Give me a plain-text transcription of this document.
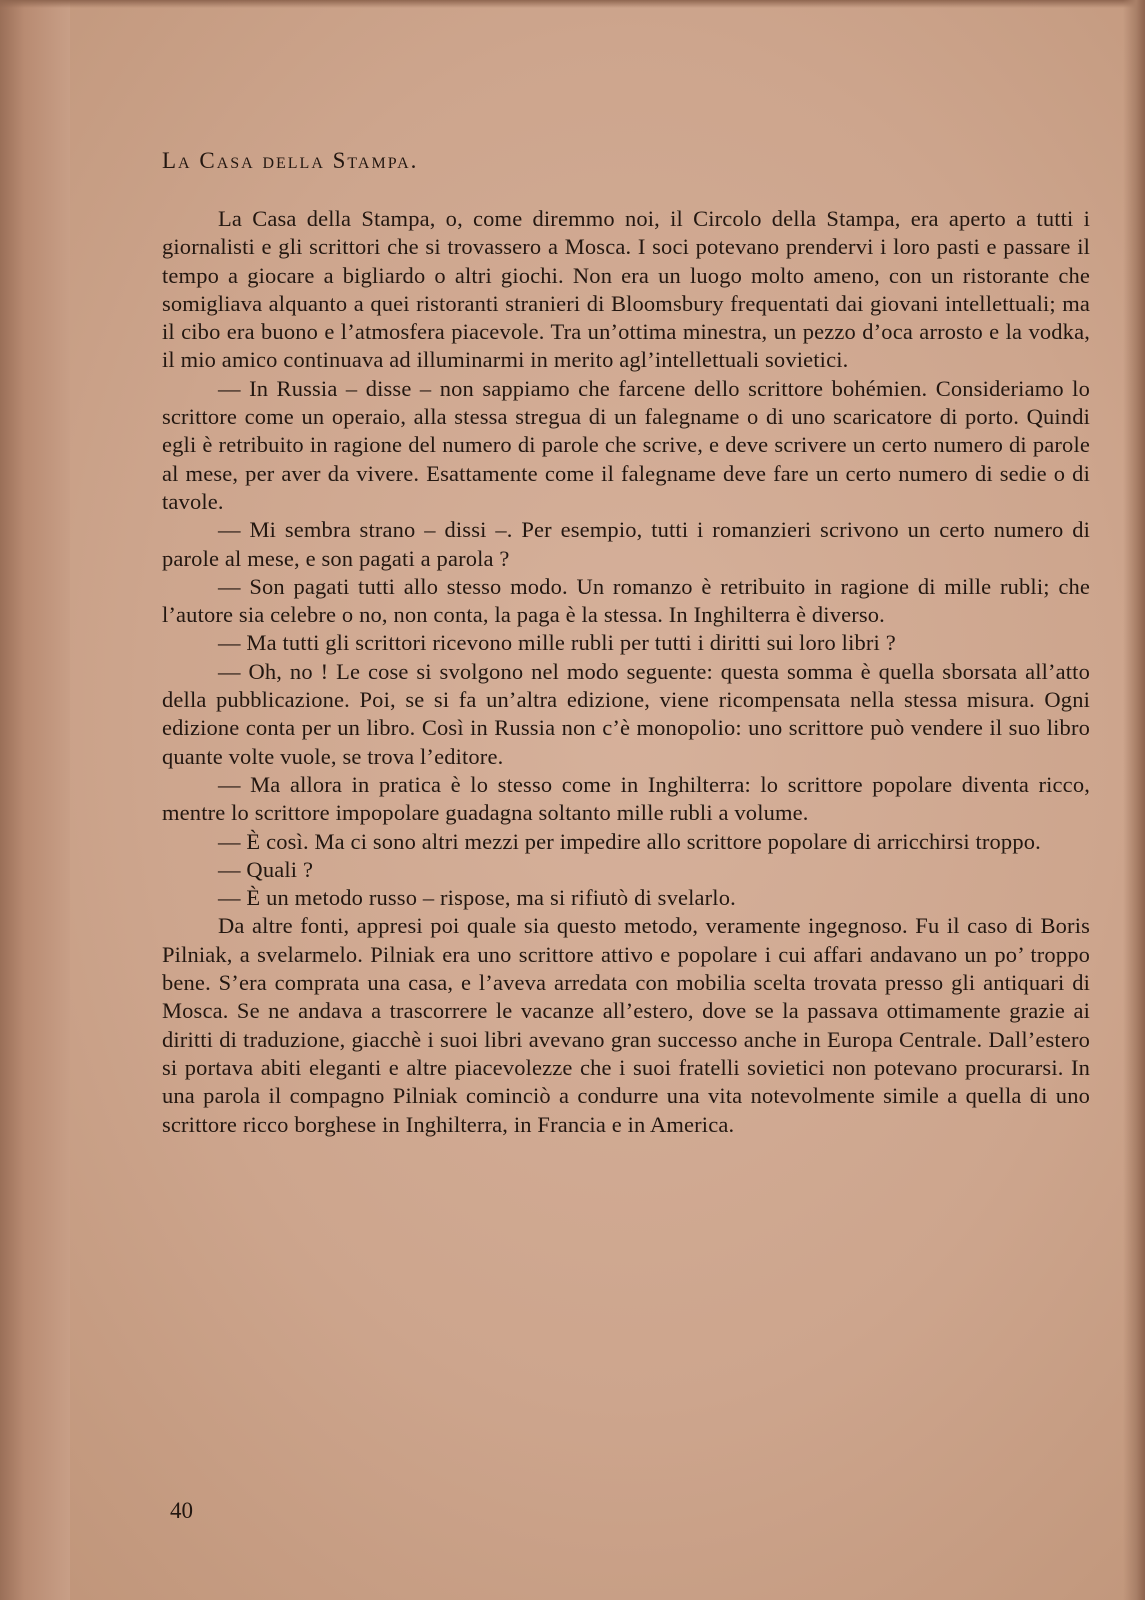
La Casa della Stampa.

La Casa della Stampa, o, come diremmo noi, il Circolo della Stampa, era aperto a tutti i giornalisti e gli scrittori che si trovassero a Mosca. I soci potevano prendervi i loro pasti e passare il tempo a giocare a bigliardo o altri giochi. Non era un luogo molto ameno, con un ristorante che somigliava alquanto a quei ristoranti stranieri di Bloomsbury frequentati dai giovani intellettuali; ma il cibo era buono e l’atmosfera piacevole. Tra un’ottima minestra, un pezzo d’oca arrosto e la vodka, il mio amico continuava ad illuminarmi in merito agl’intellettuali sovietici.

— In Russia – disse – non sappiamo che farcene dello scrittore bohémien. Consideriamo lo scrittore come un operaio, alla stessa stregua di un falegname o di uno scaricatore di porto. Quindi egli è retribuito in ragione del numero di parole che scrive, e deve scrivere un certo numero di parole al mese, per aver da vivere. Esattamente come il falegname deve fare un certo numero di sedie o di tavole.

— Mi sembra strano – dissi –. Per esempio, tutti i romanzieri scrivono un certo numero di parole al mese, e son pagati a parola ?

— Son pagati tutti allo stesso modo. Un romanzo è retribuito in ragione di mille rubli; che l’autore sia celebre o no, non conta, la paga è la stessa. In Inghilterra è diverso.

— Ma tutti gli scrittori ricevono mille rubli per tutti i diritti sui loro libri ?

— Oh, no ! Le cose si svolgono nel modo seguente: questa somma è quella sborsata all’atto della pubblicazione. Poi, se si fa un’altra edizione, viene ricompensata nella stessa misura. Ogni edizione conta per un libro. Così in Russia non c’è monopolio: uno scrittore può vendere il suo libro quante volte vuole, se trova l’editore.

— Ma allora in pratica è lo stesso come in Inghilterra: lo scrittore popolare diventa ricco, mentre lo scrittore impopolare guadagna soltanto mille rubli a volume.

— È così. Ma ci sono altri mezzi per impedire allo scrittore popolare di arricchirsi troppo.

— Quali ?

— È un metodo russo – rispose, ma si rifiutò di svelarlo.

Da altre fonti, appresi poi quale sia questo metodo, veramente ingegnoso. Fu il caso di Boris Pilniak, a svelarmelo. Pilniak era uno scrittore attivo e popolare i cui affari andavano un po’ troppo bene. S’era comprata una casa, e l’aveva arredata con mobilia scelta trovata presso gli antiquari di Mosca. Se ne andava a trascorrere le vacanze all’estero, dove se la passava ottimamente grazie ai diritti di traduzione, giacchè i suoi libri avevano gran successo anche in Europa Centrale. Dall’estero si portava abiti eleganti e altre piacevolezze che i suoi fratelli sovietici non potevano procurarsi. In una parola il compagno Pilniak cominciò a condurre una vita notevolmente simile a quella di uno scrittore ricco borghese in Inghilterra, in Francia e in America.

40
